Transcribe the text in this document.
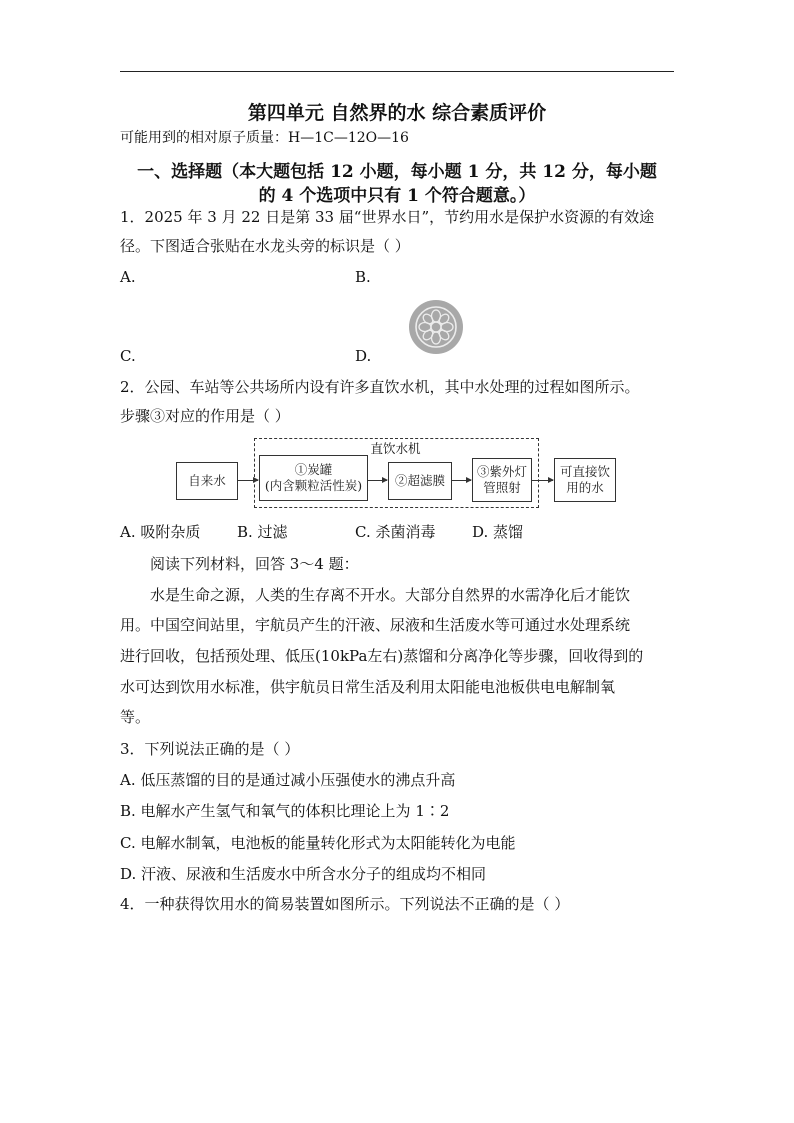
第四单元 自然界的水 综合素质评价
可能用到的相对原子质量：H—1C—12O—16
一、选择题（本大题包括 12 小题，每小题 1 分，共 12 分，每小题
的 4 个选项中只有 1 个符合题意。）
1．2025 年 3 月 22 日是第 33 届“世界水日”，节约用水是保护水资源的有效途
径。下图适合张贴在水龙头旁的标识是（ ）
A.	B.
C.	D.
2．公园、车站等公共场所内设有许多直饮水机，其中水处理的过程如图所示。
步骤③对应的作用是（ ）
直饮水机
自来水
①炭罐
(内含颗粒活性炭)	②超滤膜
③紫外灯
管照射
可直接饮
用的水
A. 吸附杂质 B. 过滤	C. 杀菌消毒 D. 蒸馏
阅读下列材料，回答 3～4 题：
水是生命之源，人类的生存离不开水。大部分自然界的水需净化后才能饮
用。中国空间站里，宇航员产生的汗液、尿液和生活废水等可通过水处理系统
进行回收，包括预处理、低压(10kPa左右)蒸馏和分离净化等步骤，回收得到的
水可达到饮用水标准，供宇航员日常生活及利用太阳能电池板供电电解制氧
等。
3．下列说法正确的是（ ）
A. 低压蒸馏的目的是通过减小压强使水的沸点升高
B. 电解水产生氢气和氧气的体积比理论上为 1∶2
C. 电解水制氧，电池板的能量转化形式为太阳能转化为电能
D. 汗液、尿液和生活废水中所含水分子的组成均不相同
4．一种获得饮用水的简易装置如图所示。下列说法不正确的是（ ）
